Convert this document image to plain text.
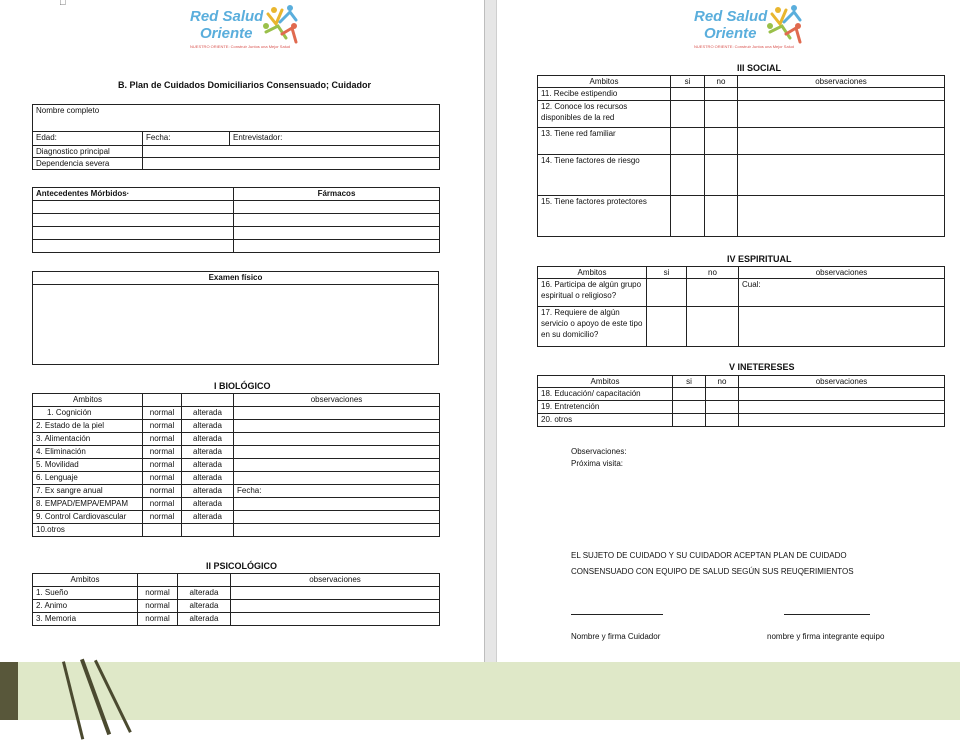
□
Red Salud
Oriente
NUESTRO ORIENTE: Construir Juntos una Mejor Salud
B. Plan de Cuidados Domiciliarios Consensuado; Cuidador
Nombre completo		
Edad:	Fecha:	Entrevistador:
Diagnostico principal		
Dependencia severa		
Antecedentes Mórbidos·	Fármacos

Examen físico

I BIOLÓGICO
Ambitos			observaciones
1. Cognición	normal	alterada	
2. Estado de la piel	normal	alterada	
3. Alimentación	normal	alterada	
4. Eliminación	normal	alterada	
5. Movilidad	normal	alterada	
6. Lenguaje	normal	alterada	
7. Ex sangre anual	normal	alterada	Fecha:
8. EMPAD/EMPA/EMPAM	normal	alterada	
9. Control Cardiovascular	normal	alterada	
10.otros			
II PSICOLÓGICO
Ambitos			observaciones
1. Sueño	normal	alterada	
2. Animo	normal	alterada	
3. Memoria	normal	alterada	
Red Salud
Oriente
NUESTRO ORIENTE: Construir Juntos una Mejor Salud
III SOCIAL
Ambitos	si	no	observaciones
11. Recibe estipendio			
12. Conoce los recursos disponibles de la red			
13. Tiene red familiar			
14. Tiene factores de riesgo			
15. Tiene factores protectores			
IV ESPIRITUAL
Ambitos	si	no	observaciones
16. Participa de algún grupo espiritual o religioso?			Cual:
17. Requiere de algún servicio o apoyo de este tipo en su domicilio?			
V INETERESES
Ambitos	si	no	observaciones
18. Educación/ capacitación			
19. Entretención			
20. otros			
Observaciones:
Próxima visita:
EL SUJETO DE CUIDADO Y SU CUIDADOR ACEPTAN PLAN DE CUIDADO
CONSENSUADO CON EQUIPO DE SALUD SEGÚN SUS REUQERIMIENTOS
Nombre y firma Cuidador	nombre y firma integrante equipo
